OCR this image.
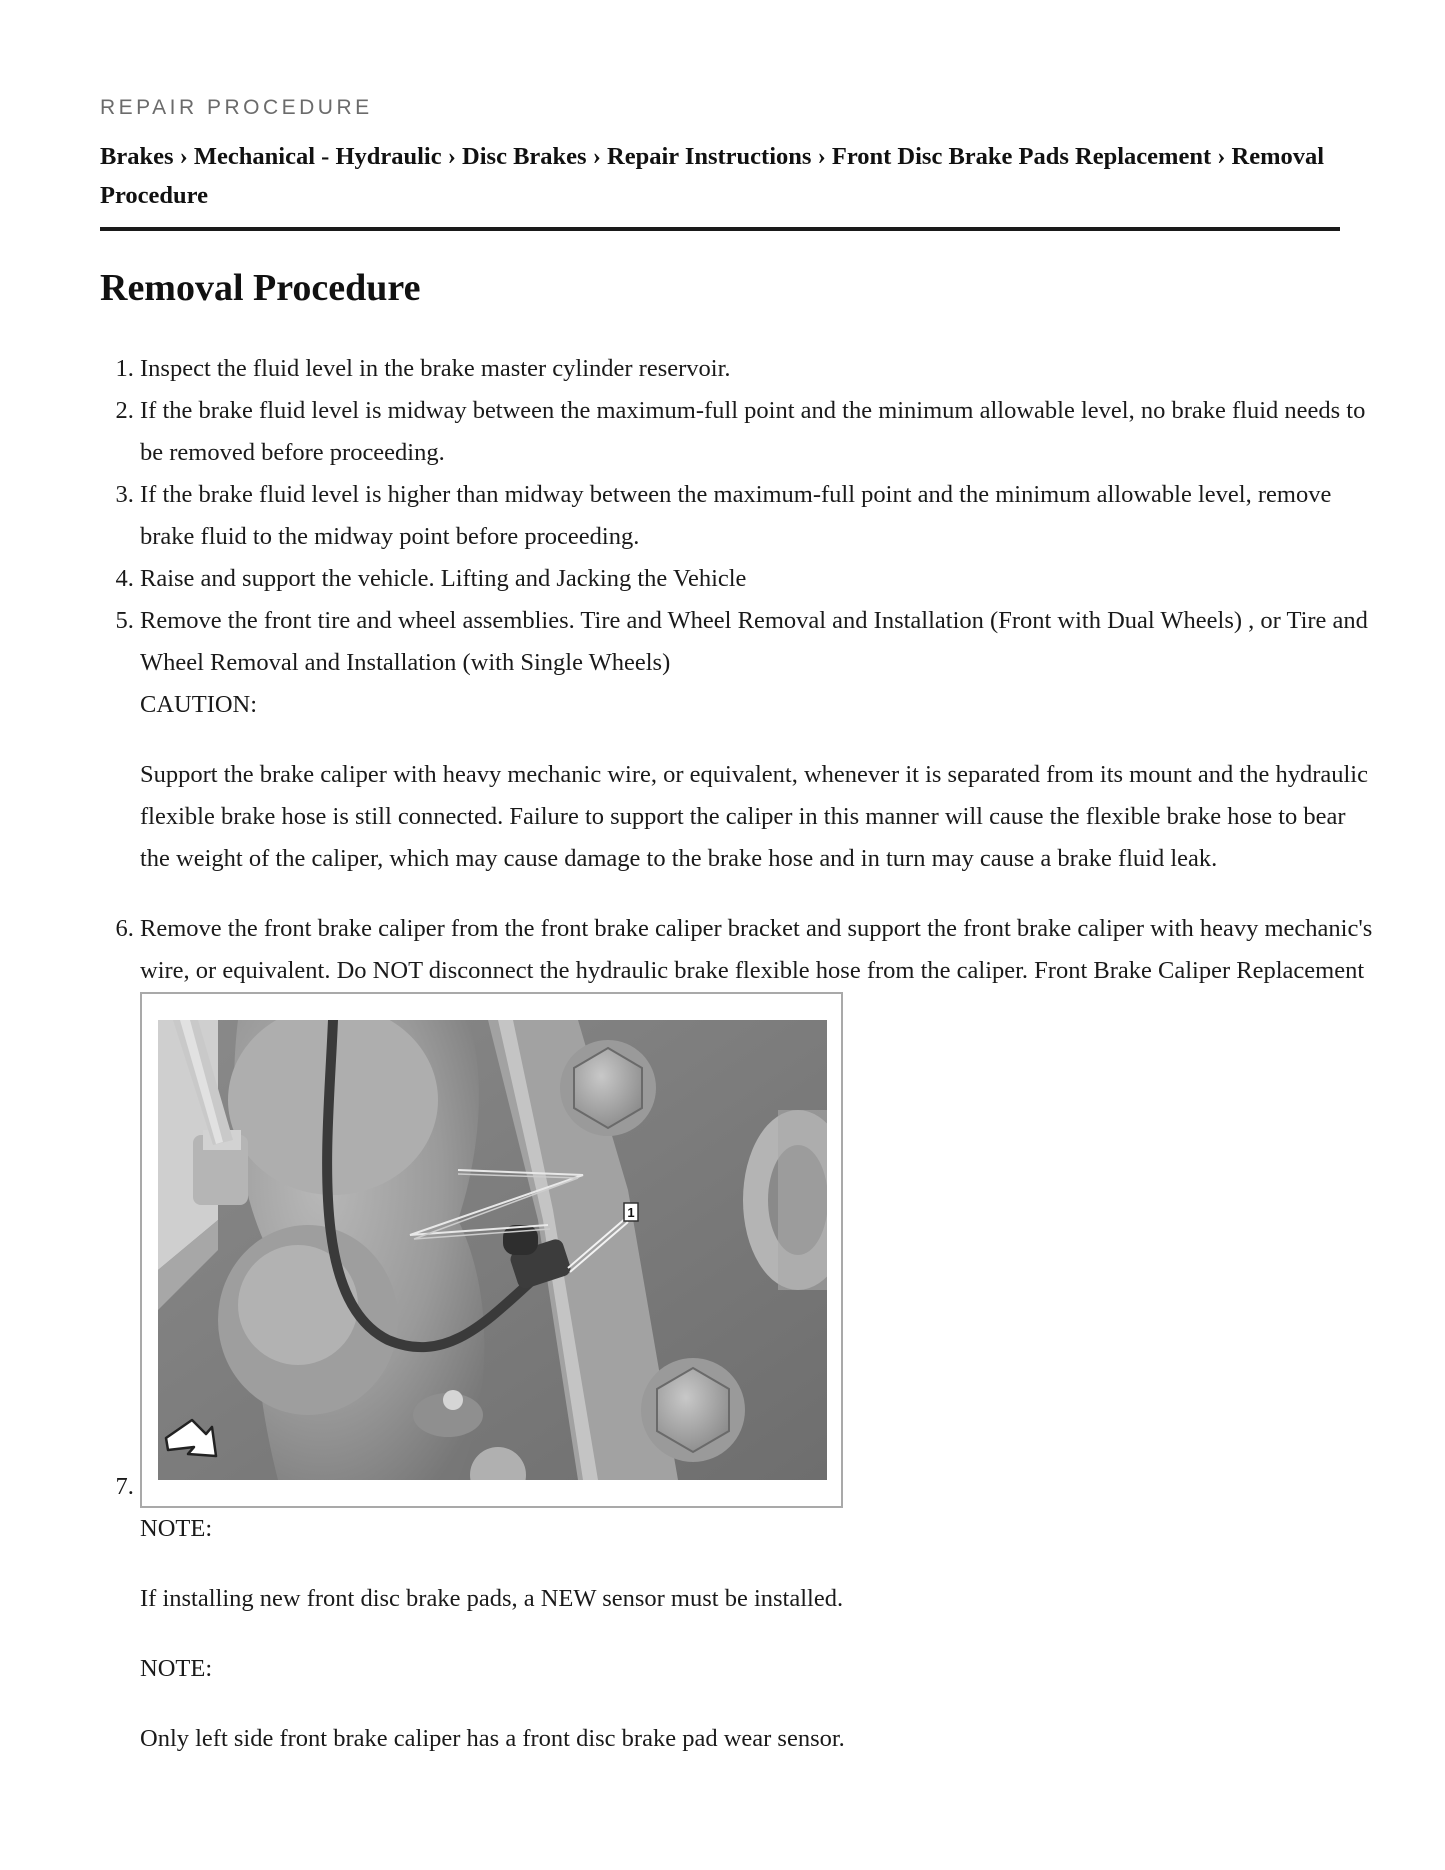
REPAIR PROCEDURE
Brakes › Mechanical - Hydraulic › Disc Brakes › Repair Instructions › Front Disc Brake Pads Replacement › Removal Procedure
Removal Procedure
1. Inspect the fluid level in the brake master cylinder reservoir.
2. If the brake fluid level is midway between the maximum-full point and the minimum allowable level, no brake fluid needs to be removed before proceeding.
3. If the brake fluid level is higher than midway between the maximum-full point and the minimum allowable level, remove brake fluid to the midway point before proceeding.
4. Raise and support the vehicle. Lifting and Jacking the Vehicle
5. Remove the front tire and wheel assemblies. Tire and Wheel Removal and Installation (Front with Dual Wheels) , or Tire and Wheel Removal and Installation (with Single Wheels)
CAUTION:
Support the brake caliper with heavy mechanic wire, or equivalent, whenever it is separated from its mount and the hydraulic flexible brake hose is still connected. Failure to support the caliper in this manner will cause the flexible brake hose to bear the weight of the caliper, which may cause damage to the brake hose and in turn may cause a brake fluid leak.
6. Remove the front brake caliper from the front brake caliper bracket and support the front brake caliper with heavy mechanic's wire, or equivalent. Do NOT disconnect the hydraulic brake flexible hose from the caliper. Front Brake Caliper Replacement
7. 1
NOTE:
If installing new front disc brake pads, a NEW sensor must be installed.
NOTE:
Only left side front brake caliper has a front disc brake pad wear sensor.
